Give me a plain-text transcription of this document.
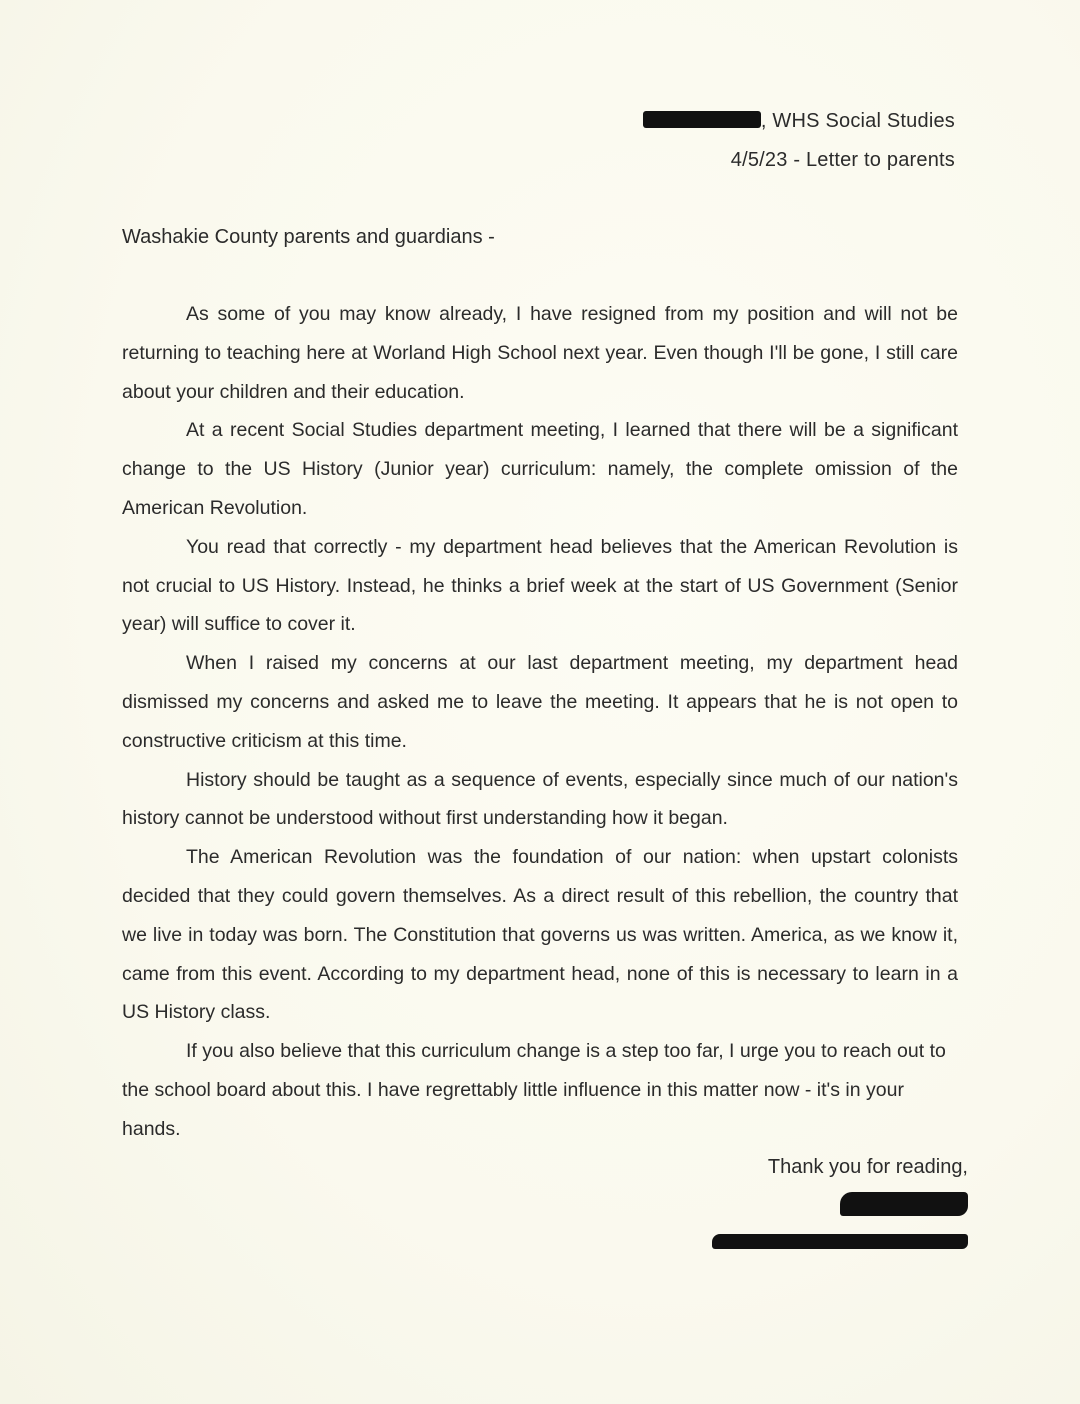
, WHS Social Studies
4/5/23 - Letter to parents
Washakie County parents and guardians -

As some of you may know already, I have resigned from my position and will not be returning to teaching here at Worland High School next year. Even though I'll be gone, I still care about your children and their education.

At a recent Social Studies department meeting, I learned that there will be a significant change to the US History (Junior year) curriculum: namely, the complete omission of the American Revolution.

You read that correctly - my department head believes that the American Revolution is not crucial to US History. Instead, he thinks a brief week at the start of US Government (Senior year) will suffice to cover it.

When I raised my concerns at our last department meeting, my department head dismissed my concerns and asked me to leave the meeting. It appears that he is not open to constructive criticism at this time.

History should be taught as a sequence of events, especially since much of our nation's history cannot be understood without first understanding how it began.

The American Revolution was the foundation of our nation: when upstart colonists decided that they could govern themselves. As a direct result of this rebellion, the country that we live in today was born. The Constitution that governs us was written. America, as we know it, came from this event. According to my department head, none of this is necessary to learn in a US History class.

If you also believe that this curriculum change is a step too far, I urge you to reach out to the school board about this. I have regrettably little influence in this matter now - it's in your hands.

Thank you for reading,
